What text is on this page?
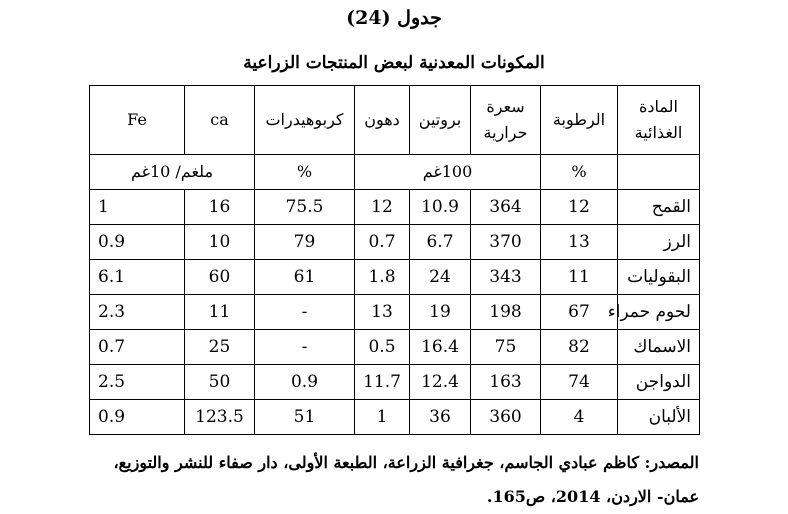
جدول (24)
المكونات المعدنية لبعض المنتجات الزراعية
المادة الغذائية	الرطوبة	سعرة حرارية	بروتين	دهون	كربوهيدرات	ca	Fe
	%	100غم			%	ملغم/ 10غم	
القمح	12	364	10.9	12	75.5	16	1
الرز	13	370	6.7	0.7	79	10	0.9
البقوليات	11	343	24	1.8	61	60	6.1
لحوم حمراء	67	198	19	13	-	11	2.3
الاسماك	82	75	16.4	0.5	-	25	0.7
الدواجن	74	163	12.4	11.7	0.9	50	2.5
الألبان	4	360	36	1	51	123.5	0.9
المصدر: كاظم عبادي الجاسم، جغرافية الزراعة، الطبعة الأولى، دار صفاء للنشر والتوزيع،
عمان- الاردن، 2014، ص165.
